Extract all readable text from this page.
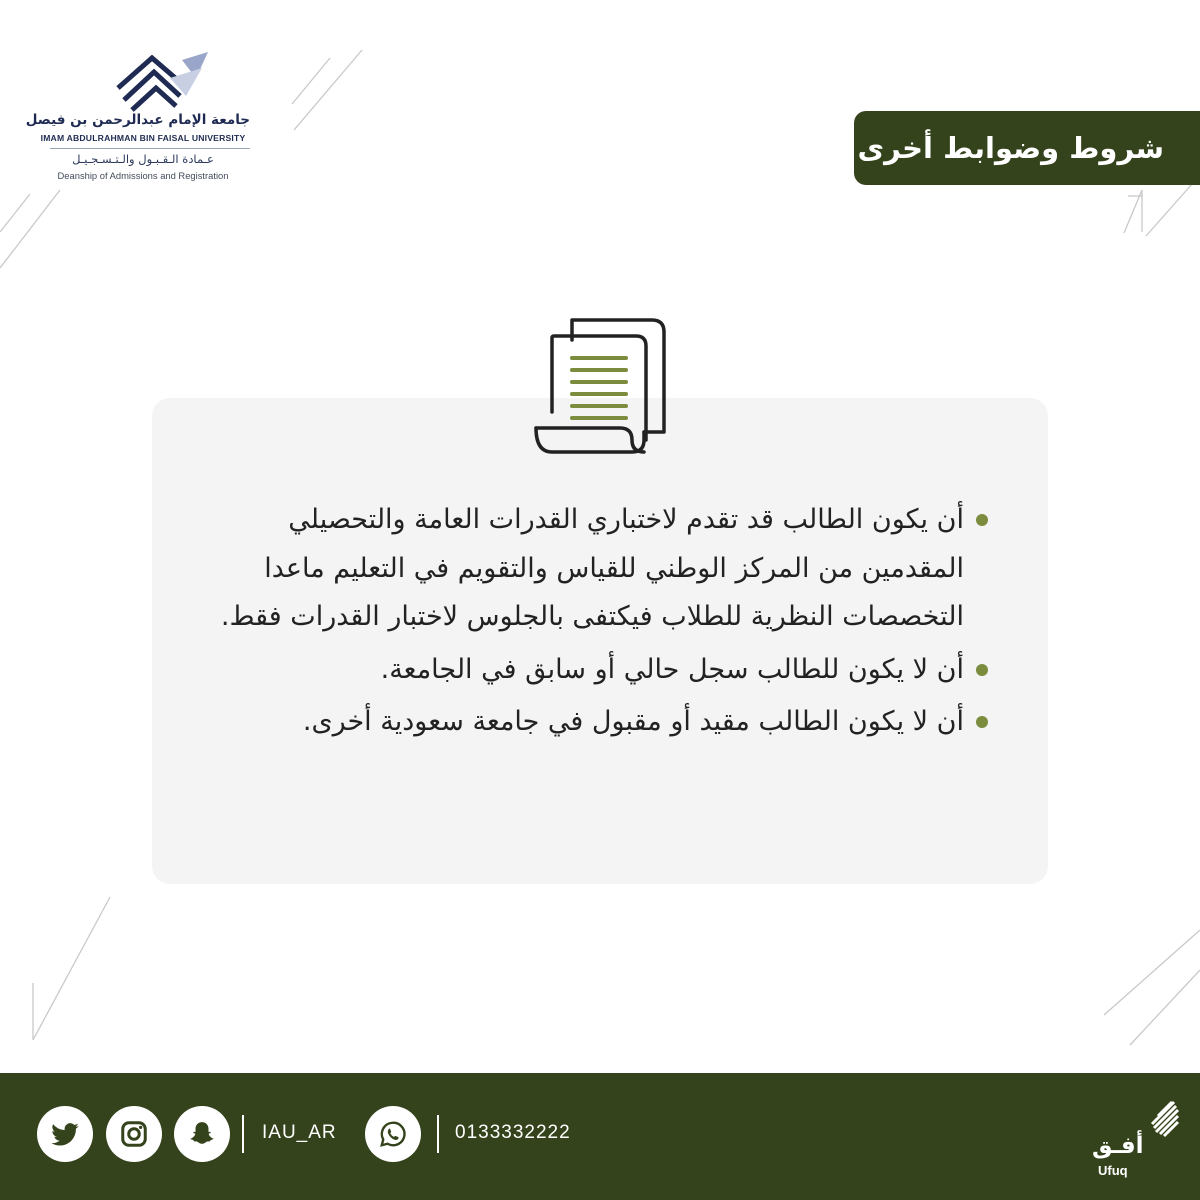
جامعة الإمام عبدالرحمن بن فيصل
IMAM ABDULRAHMAN BIN FAISAL UNIVERSITY
عـمادة الـقـبـول والـتـسـجـيـل
Deanship of Admissions and Registration
شروط وضوابط أخرى
أن يكون الطالب قد تقدم لاختباري القدرات العامة والتحصيلي المقدمين من المركز الوطني للقياس والتقويم في التعليم ماعدا التخصصات النظرية للطلاب فيكتفى بالجلوس لاختبار القدرات فقط.
أن لا يكون للطالب سجل حالي أو سابق في الجامعة.
أن لا يكون الطالب مقيد أو مقبول في جامعة سعودية أخرى.
IAU_AR	0133332222
أفـق
Ufuq
